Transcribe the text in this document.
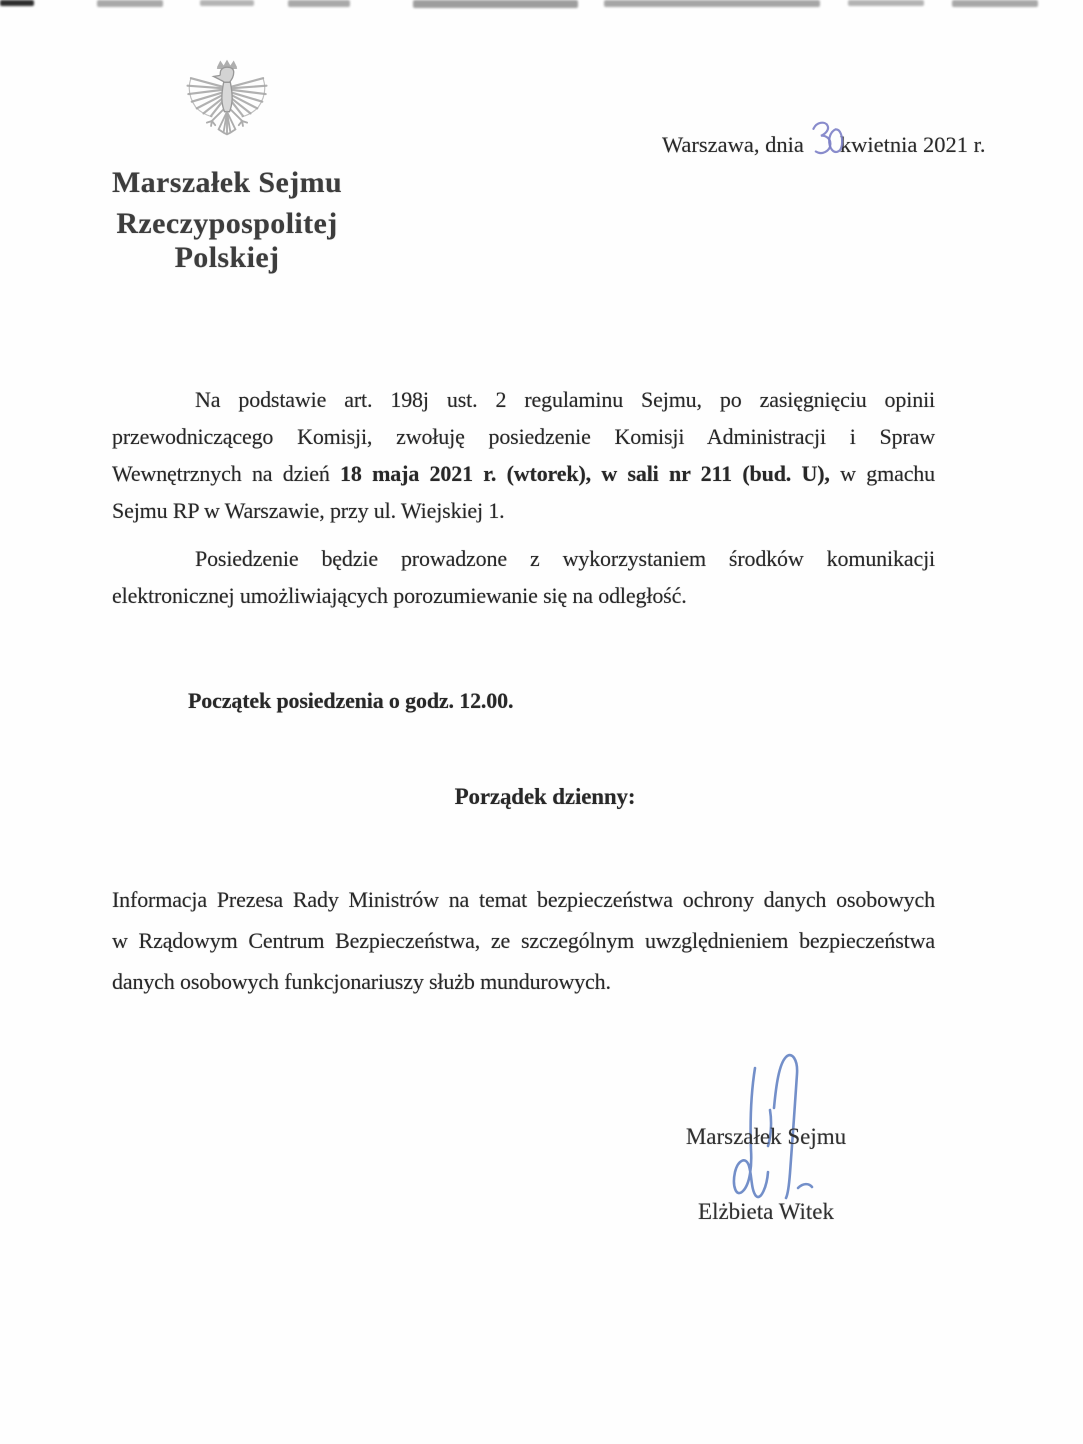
Marszałek Sejmu
Rzeczypospolitej Polskiej
Warszawa, dnia kwietnia 2021 r.
Na podstawie art. 198j ust. 2 regulaminu Sejmu, po zasięgnięciu opinii
przewodniczącego Komisji, zwołuję posiedzenie Komisji Administracji i Spraw
Wewnętrznych na dzień 18 maja 2021 r. (wtorek), w sali nr 211 (bud. U), w gmachu
Sejmu RP w Warszawie, przy ul. Wiejskiej 1.
Posiedzenie będzie prowadzone z wykorzystaniem środków komunikacji
elektronicznej umożliwiających porozumiewanie się na odległość.
Początek posiedzenia o godz. 12.00.
Porządek dzienny:
Informacja Prezesa Rady Ministrów na temat bezpieczeństwa ochrony danych osobowych
w Rządowym Centrum Bezpieczeństwa, ze szczególnym uwzględnieniem bezpieczeństwa
danych osobowych funkcjonariuszy służb mundurowych.
Marszałek Sejmu
Elżbieta Witek
